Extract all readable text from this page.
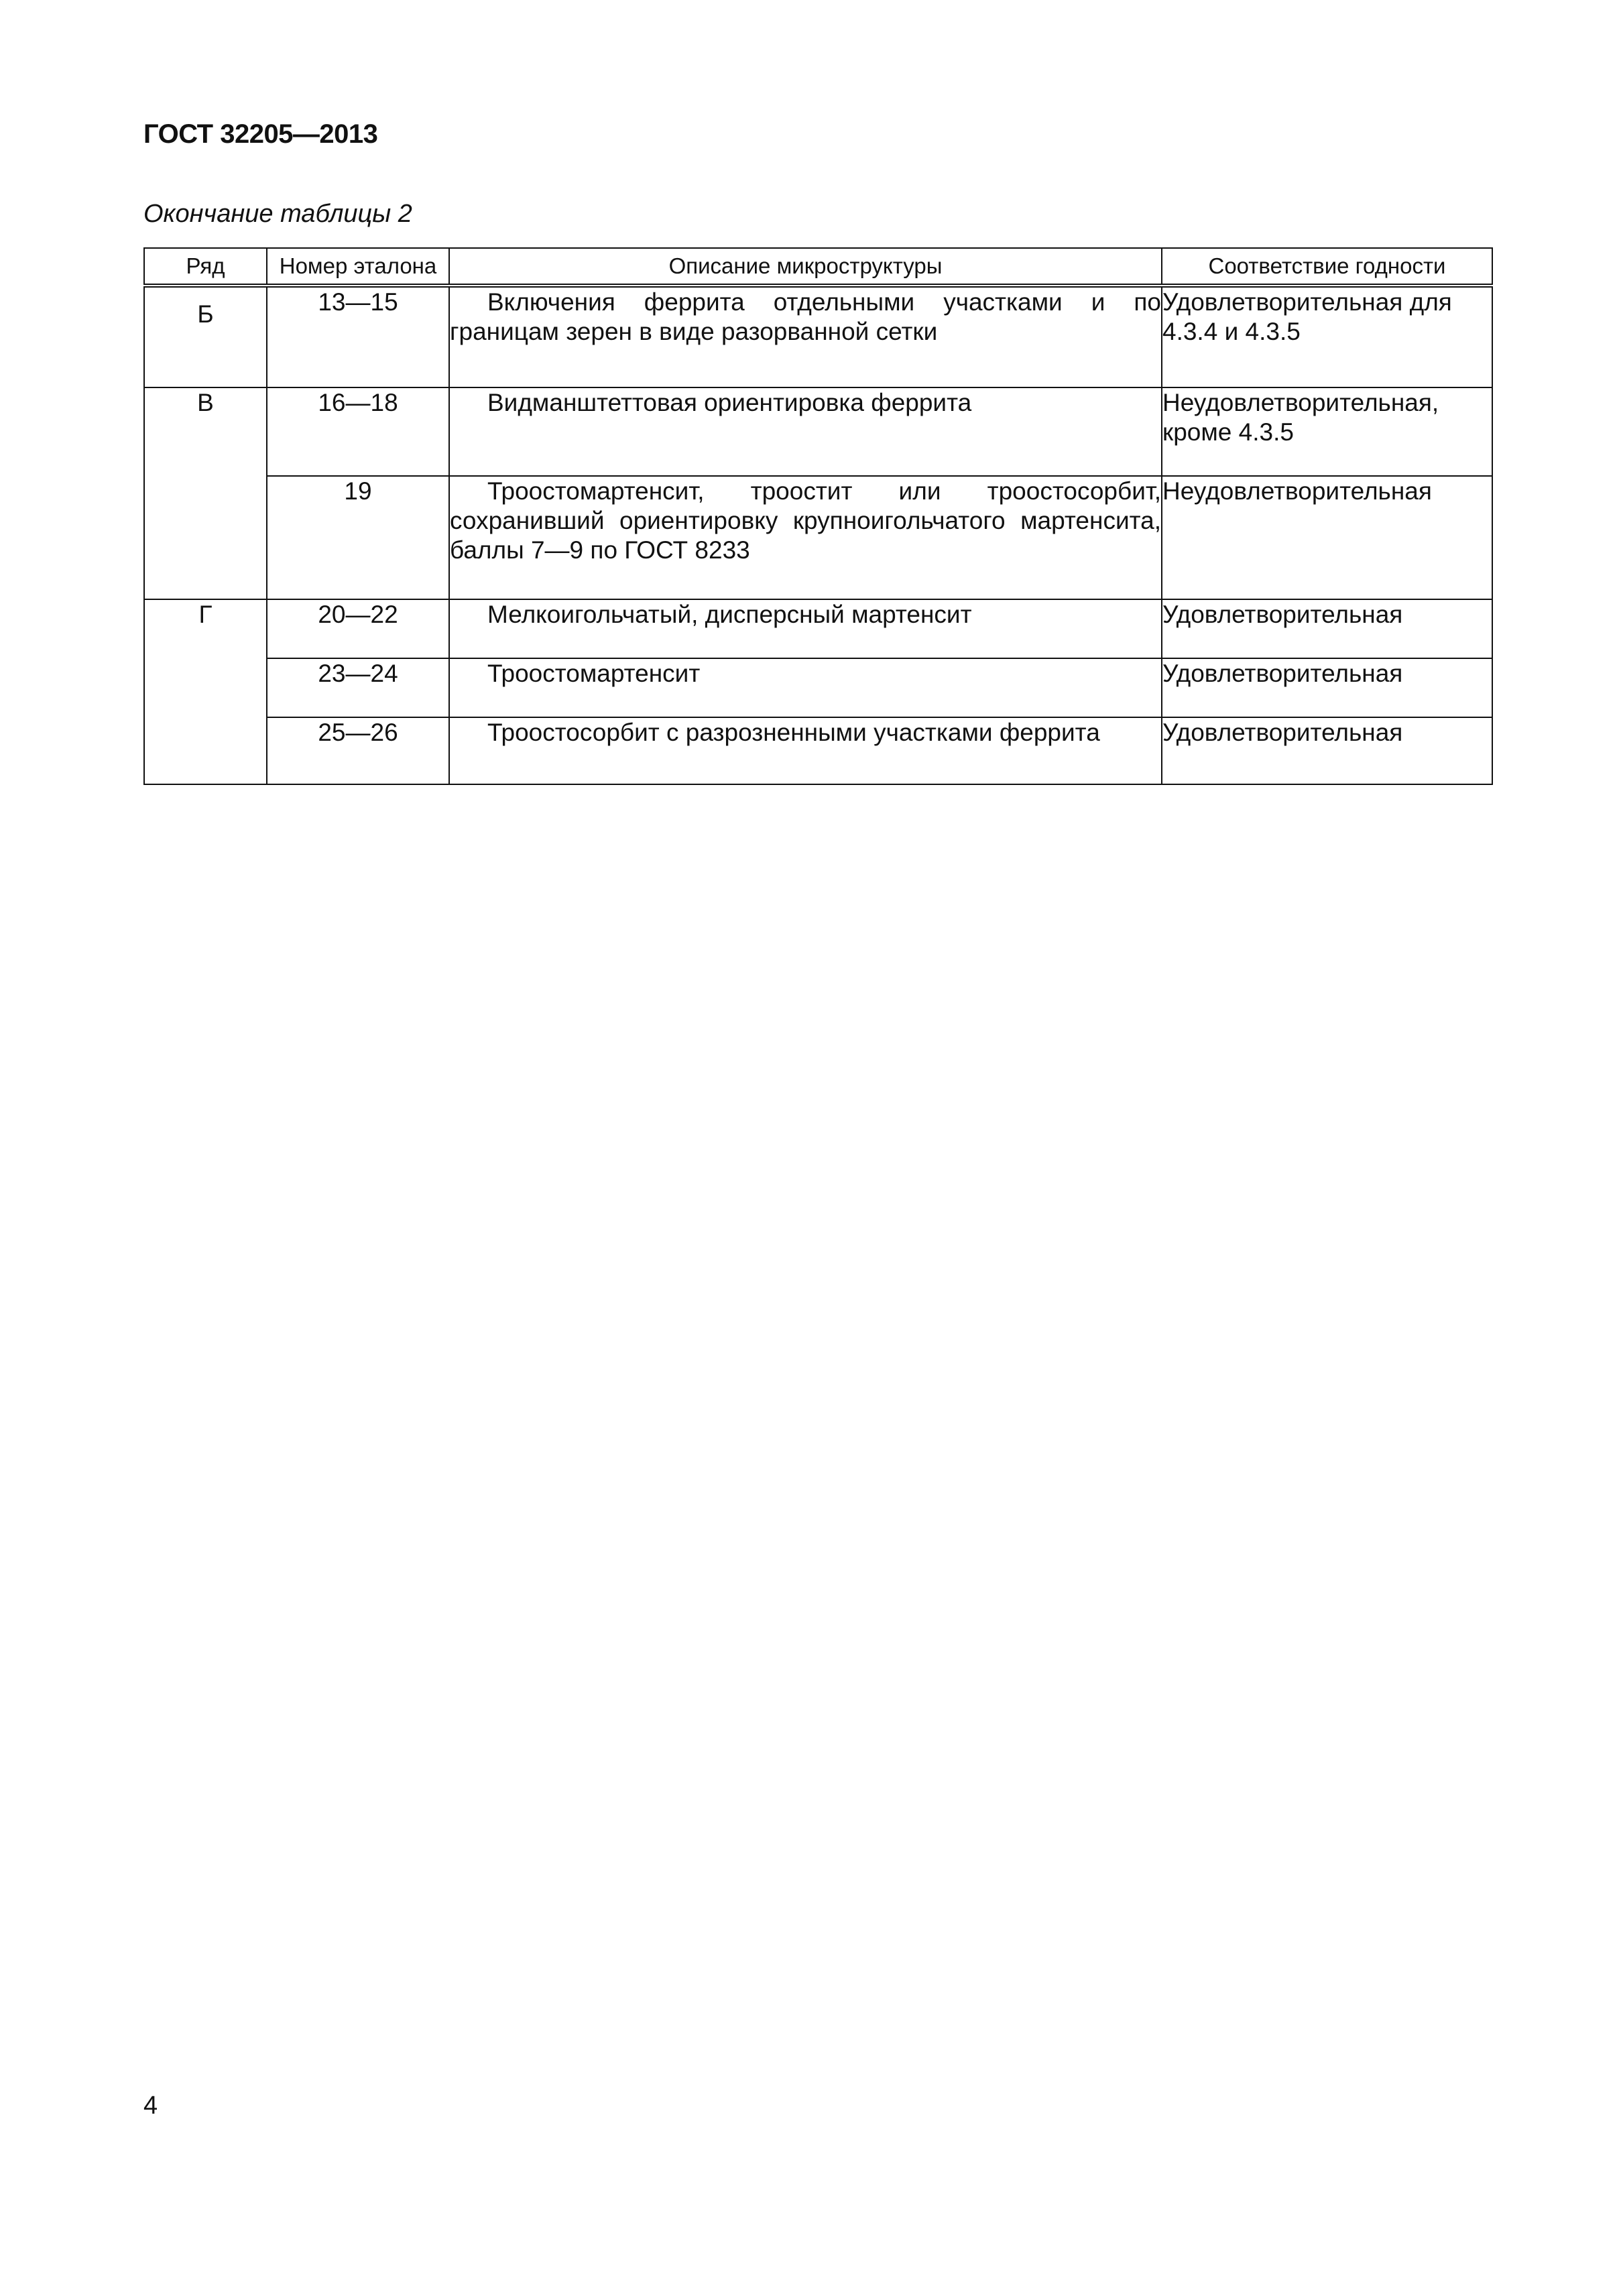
ГОСТ 32205—2013

Окончание таблицы 2

Ряд	Номер эталона	Описание микроструктуры	Соответствие годности
Б	13—15	Включения феррита отдельными участками и по границам зерен в виде разорванной сетки	Удовлетворительная для 4.3.4 и 4.3.5
В	16—18	Видманштеттовая ориентировка феррита	Неудовлетворительная, кроме 4.3.5
	19	Троостомартенсит, троостит или троостосорбит, сохранивший ориентировку крупноигольчатого мартенсита, баллы 7—9 по ГОСТ 8233	Неудовлетворительная
Г	20—22	Мелкоигольчатый, дисперсный мартенсит	Удовлетворительная
	23—24	Троостомартенсит	Удовлетворительная
	25—26	Троостосорбит с разрозненными участками феррита	Удовлетворительная

4
